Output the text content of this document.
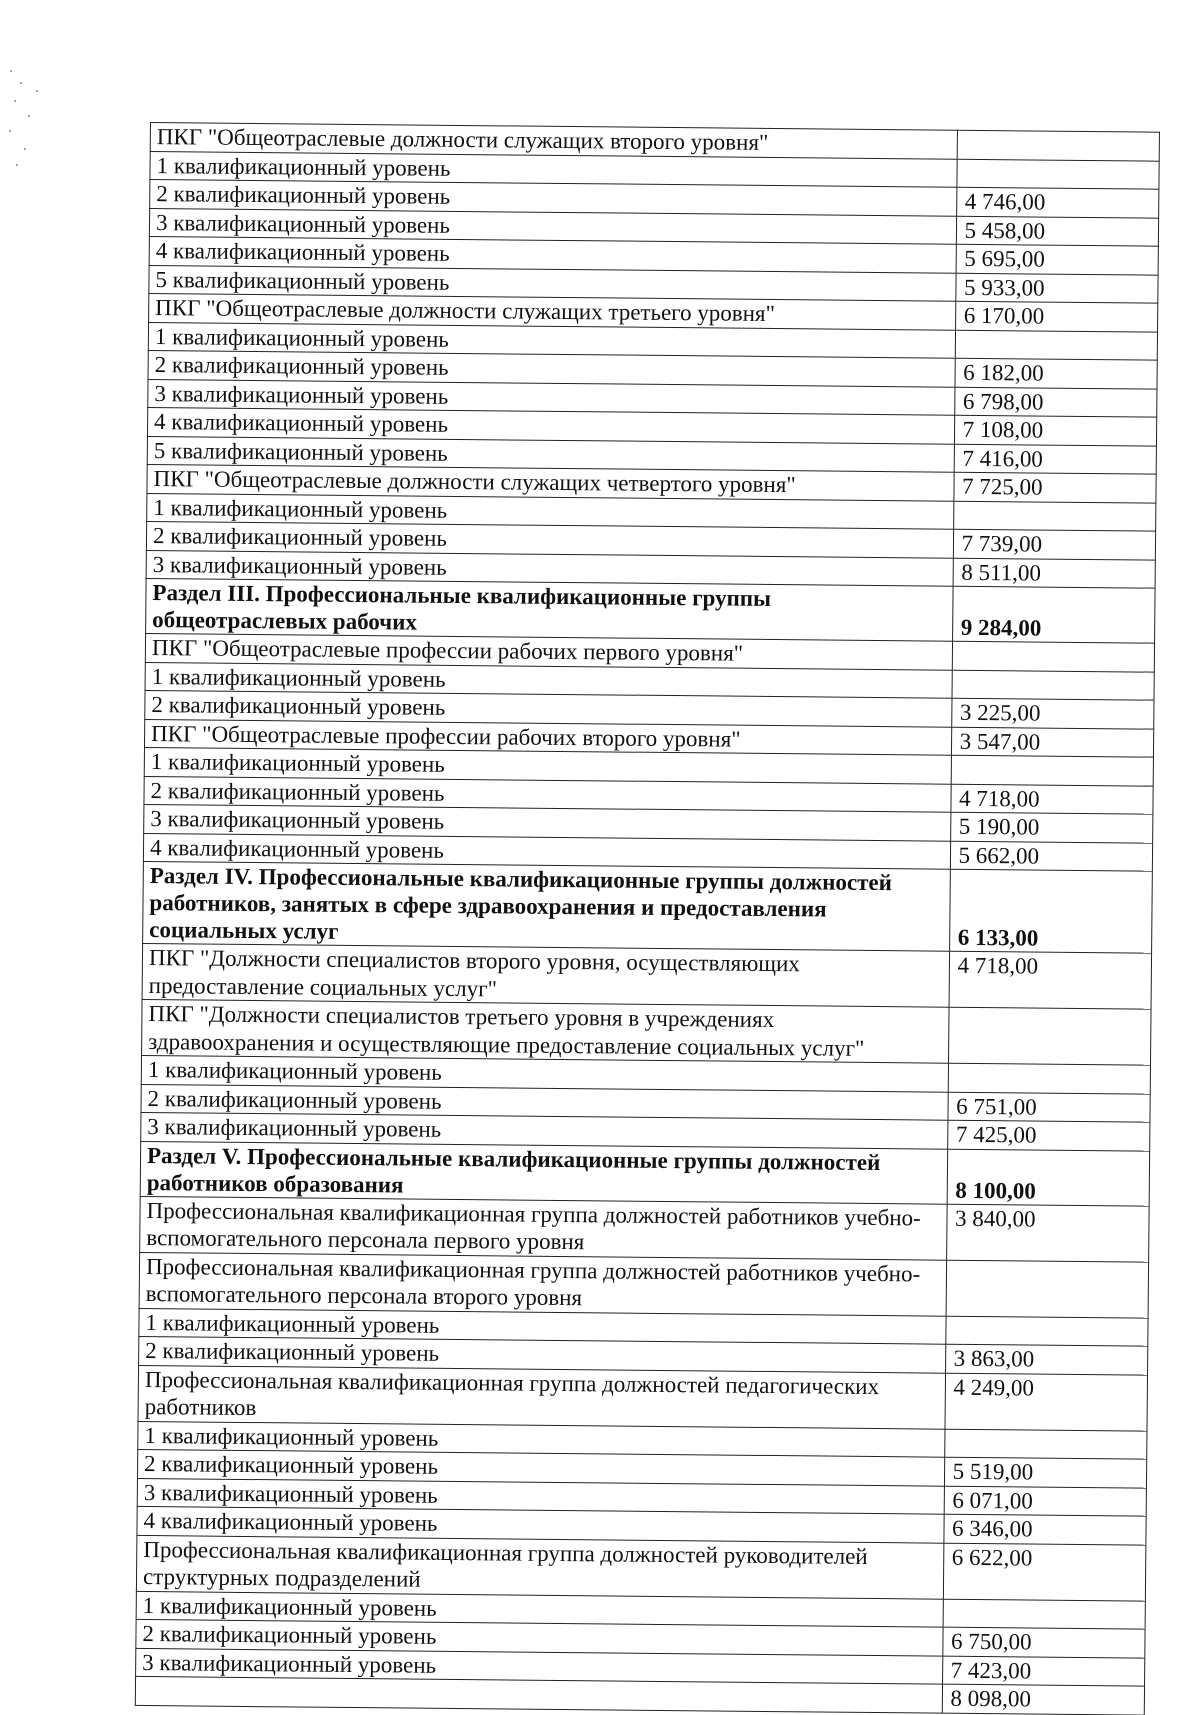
ПКГ "Общеотраслевые должности служащих второго уровня"	
1 квалификационный уровень	
2 квалификационный уровень	4 746,00
3 квалификационный уровень	5 458,00
4 квалификационный уровень	5 695,00
5 квалификационный уровень	5 933,00
ПКГ "Общеотраслевые должности служащих третьего уровня"	6 170,00
1 квалификационный уровень	
2 квалификационный уровень	6 182,00
3 квалификационный уровень	6 798,00
4 квалификационный уровень	7 108,00
5 квалификационный уровень	7 416,00
ПКГ "Общеотраслевые должности служащих четвертого уровня"	7 725,00
1 квалификационный уровень	
2 квалификационный уровень	7 739,00
3 квалификационный уровень	8 511,00
Раздел III. Профессиональные квалификационные группы общеотраслевых рабочих	9 284,00
ПКГ "Общеотраслевые профессии рабочих первого уровня"	
1 квалификационный уровень	
2 квалификационный уровень	3 225,00
ПКГ "Общеотраслевые профессии рабочих второго уровня"	3 547,00
1 квалификационный уровень	
2 квалификационный уровень	4 718,00
3 квалификационный уровень	5 190,00
4 квалификационный уровень	5 662,00
Раздел IV. Профессиональные квалификационные группы должностей работников, занятых в сфере здравоохранения и предоставления социальных услуг	6 133,00
ПКГ "Должности специалистов второго уровня, осуществляющих предоставление социальных услуг"	4 718,00
ПКГ "Должности специалистов третьего уровня в учреждениях здравоохранения и осуществляющие предоставление социальных услуг"	
1 квалификационный уровень	
2 квалификационный уровень	6 751,00
3 квалификационный уровень	7 425,00
Раздел V. Профессиональные квалификационные группы должностей работников образования	8 100,00
Профессиональная квалификационная группа должностей работников учебно-вспомогательного персонала первого уровня	3 840,00
Профессиональная квалификационная группа должностей работников учебно-вспомогательного персонала второго уровня	
1 квалификационный уровень	
2 квалификационный уровень	3 863,00
Профессиональная квалификационная группа должностей педагогических работников	4 249,00
1 квалификационный уровень	
2 квалификационный уровень	5 519,00
3 квалификационный уровень	6 071,00
4 квалификационный уровень	6 346,00
Профессиональная квалификационная группа должностей руководителей структурных подразделений	6 622,00
1 квалификационный уровень	
2 квалификационный уровень	6 750,00
3 квалификационный уровень	7 423,00
	8 098,00
